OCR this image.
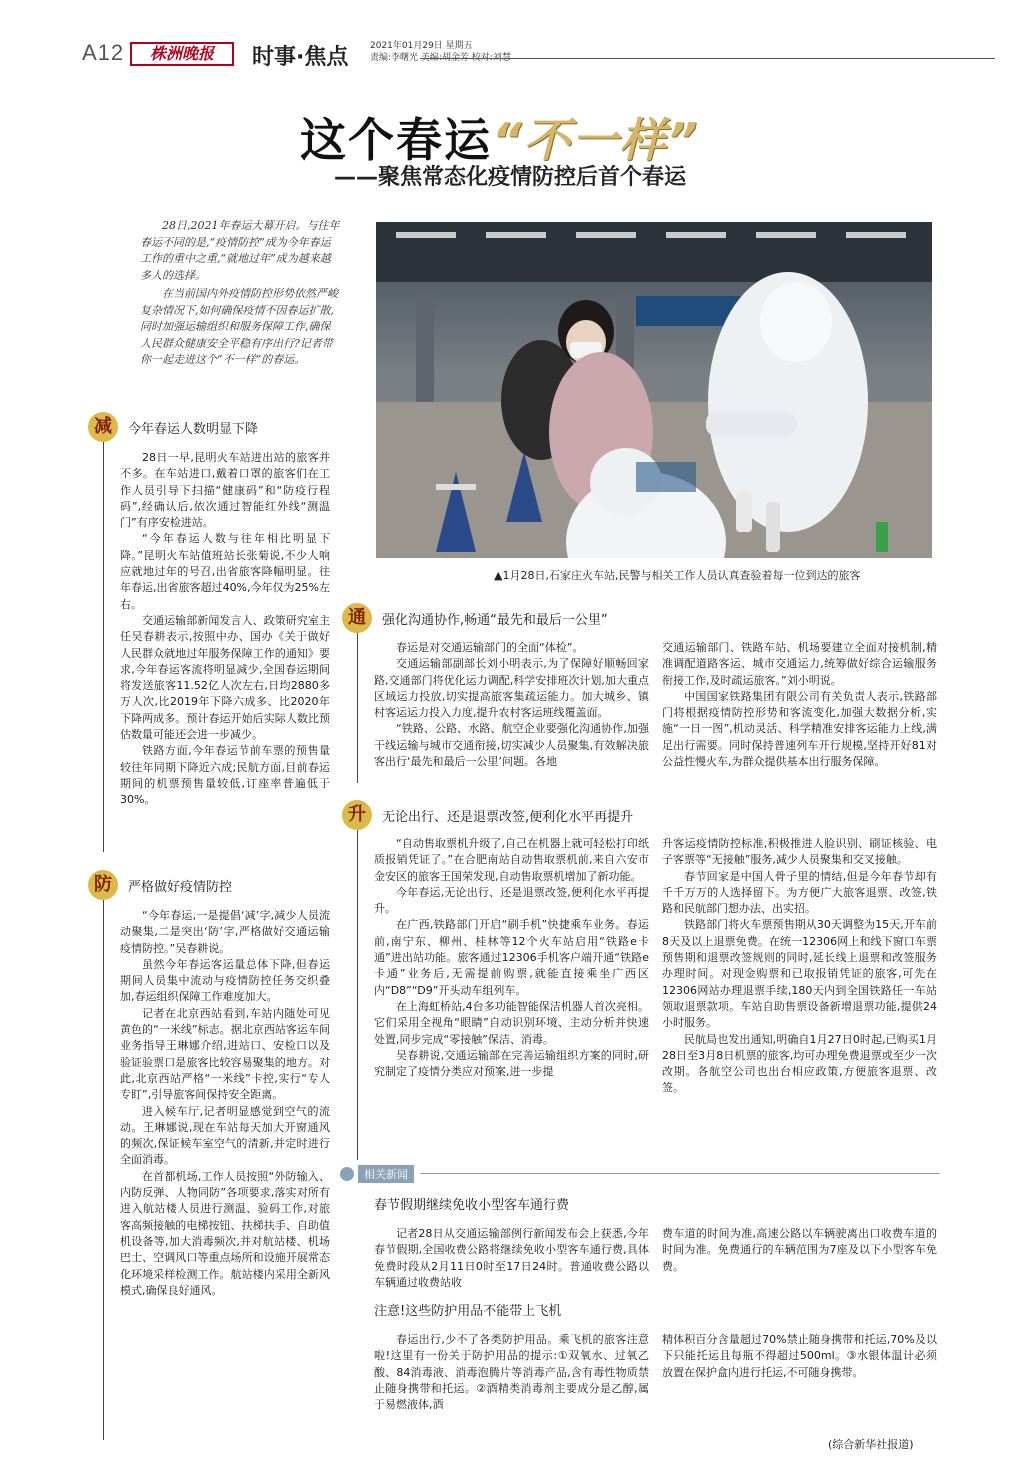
A12	株洲晚报	时事·焦点 2021年01月29日 星期五
责编:李曙光 美编:胡金芳 校对:刘慧
这个春运“不一样”
——聚焦常态化疫情防控后首个春运

28日,2021年春运大幕开启。与往年春运不同的是,“疫情防控”成为今年春运工作的重中之重,“就地过年”成为越来越多人的选择。

在当前国内外疫情防控形势依然严峻复杂情况下,如何确保疫情不因春运扩散,同时加强运输组织和服务保障工作,确保人民群众健康安全平稳有序出行?记者带你一起走进这个“不一样”的春运。

▲1月28日,石家庄火车站,民警与相关工作人员认真查验着每一位到达的旅客
减	今年春运人数明显下降

28日一早,昆明火车站进出站的旅客并不多。在车站进口,戴着口罩的旅客们在工作人员引导下扫描“健康码”和“防疫行程码”,经确认后,依次通过智能红外线“测温门”有序安检进站。

“今年春运人数与往年相比明显下降。”昆明火车站值班站长张菊说,不少人响应就地过年的号召,出省旅客降幅明显。往年春运,出省旅客超过40%,今年仅为25%左右。

交通运输部新闻发言人、政策研究室主任吴春耕表示,按照中办、国办《关于做好人民群众就地过年服务保障工作的通知》要求,今年春运客流将明显减少,全国春运期间将发送旅客11.52亿人次左右,日均2880多万人次,比2019年下降六成多、比2020年下降两成多。预计春运开始后实际人数比预估数量可能还会进一步减少。

铁路方面,今年春运节前车票的预售量较往年同期下降近六成;民航方面,目前春运期间的机票预售量较低,订座率普遍低于30%。

防	严格做好疫情防控

“今年春运,一是提倡‘减’字,减少人员流动聚集,二是突出‘防’字,严格做好交通运输疫情防控。”吴春耕说。

虽然今年春运客运量总体下降,但春运期间人员集中流动与疫情防控任务交织叠加,春运组织保障工作难度加大。

记者在北京西站看到,车站内随处可见黄色的“一米线”标志。据北京西站客运车间业务指导王琳娜介绍,进站口、安检口以及验证验票口是旅客比较容易聚集的地方。对此,北京西站严格“一米线”卡控,实行“专人专盯”,引导旅客间保持安全距离。

进入候车厅,记者明显感觉到空气的流动。王琳娜说,现在车站每天加大开窗通风的频次,保证候车室空气的清新,并定时进行全面消毒。

在首都机场,工作人员按照“外防输入、内防反弹、人物同防”各项要求,落实对所有进入航站楼人员进行测温、验码工作,对旅客高频接触的电梯按钮、扶梯扶手、自助值机设备等,加大消毒频次,并对航站楼、机场巴士、空调风口等重点场所和设施开展常态化环境采样检测工作。航站楼内采用全新风模式,确保良好通风。

通	强化沟通协作,畅通“最先和最后一公里”

春运是对交通运输部门的全面“体检”。

交通运输部副部长刘小明表示,为了保障好顺畅回家路,交通部门将优化运力调配,科学安排班次计划,加大重点区域运力投放,切实提高旅客集疏运能力。加大城乡、镇村客运运力投入力度,提升农村客运班线覆盖面。

“铁路、公路、水路、航空企业要强化沟通协作,加强干线运输与城市交通衔接,切实减少人员聚集,有效解决旅客出行‘最先和最后一公里’问题。各地

交通运输部门、铁路车站、机场要建立全面对接机制,精准调配道路客运、城市交通运力,统筹做好综合运输服务衔接工作,及时疏运旅客。”刘小明说。

中国国家铁路集团有限公司有关负责人表示,铁路部门将根据疫情防控形势和客流变化,加强大数据分析,实施“一日一图”,机动灵活、科学精准安排客运能力上线,满足出行需要。同时保持普速列车开行规模,坚持开好81对公益性慢火车,为群众提供基本出行服务保障。

升	无论出行、还是退票改签,便利化水平再提升

“自动售取票机升级了,自己在机器上就可轻松打印纸质报销凭证了。”在合肥南站自动售取票机前,来自六安市金安区的旅客王国荣发现,自动售取票机增加了新功能。

今年春运,无论出行、还是退票改签,便利化水平再提升。

在广西,铁路部门开启“刷手机”快捷乘车业务。春运前,南宁东、柳州、桂林等12个火车站启用“铁路e卡通”进出站功能。旅客通过12306手机客户端开通“铁路e卡通”业务后,无需提前购票,就能直接乘坐广西区内“D8”“D9”开头动车组列车。

在上海虹桥站,4台多功能智能保洁机器人首次亮相。它们采用全视角“眼睛”自动识别环境、主动分析并快速处置,同步完成“零接触”保洁、消毒。

吴春耕说,交通运输部在完善运输组织方案的同时,研究制定了疫情分类应对预案,进一步提

升客运疫情防控标准,积极推进人脸识别、刷证核验、电子客票等“无接触”服务,减少人员聚集和交叉接触。

春节回家是中国人骨子里的情结,但是今年春节却有千千万万的人选择留下。为方便广大旅客退票、改签,铁路和民航部门想办法、出实招。

铁路部门将火车票预售期从30天调整为15天,开车前8天及以上退票免费。在统一12306网上和线下窗口车票预售期和退票改签规则的同时,延长线上退票和改签服务办理时间。对现金购票和已取报销凭证的旅客,可先在12306网站办理退票手续,180天内到全国铁路任一车站领取退票款项。车站自助售票设备新增退票功能,提供24小时服务。

民航局也发出通知,明确自1月27日0时起,已购买1月28日至3月8日机票的旅客,均可办理免费退票或至少一次改期。各航空公司也出台相应政策,方便旅客退票、改签。

相关新闻
春节假期继续免收小型客车通行费

记者28日从交通运输部例行新闻发布会上获悉,今年春节假期,全国收费公路将继续免收小型客车通行费,具体免费时段从2月11日0时至17日24时。普通收费公路以车辆通过收费站收

费车道的时间为准,高速公路以车辆驶离出口收费车道的时间为准。免费通行的车辆范围为7座及以下小型客车免费。

注意!这些防护用品不能带上飞机

春运出行,少不了各类防护用品。乘飞机的旅客注意啦!这里有一份关于防护用品的提示:①双氧水、过氧乙酸、84消毒液、消毒泡腾片等消毒产品,含有毒性物质禁止随身携带和托运。②酒精类消毒剂主要成分是乙醇,属于易燃液体,酒

精体积百分含量超过70%禁止随身携带和托运,70%及以下只能托运且每瓶不得超过500ml。③水银体温计必须放置在保护盒内进行托运,不可随身携带。

(综合新华社报道)
